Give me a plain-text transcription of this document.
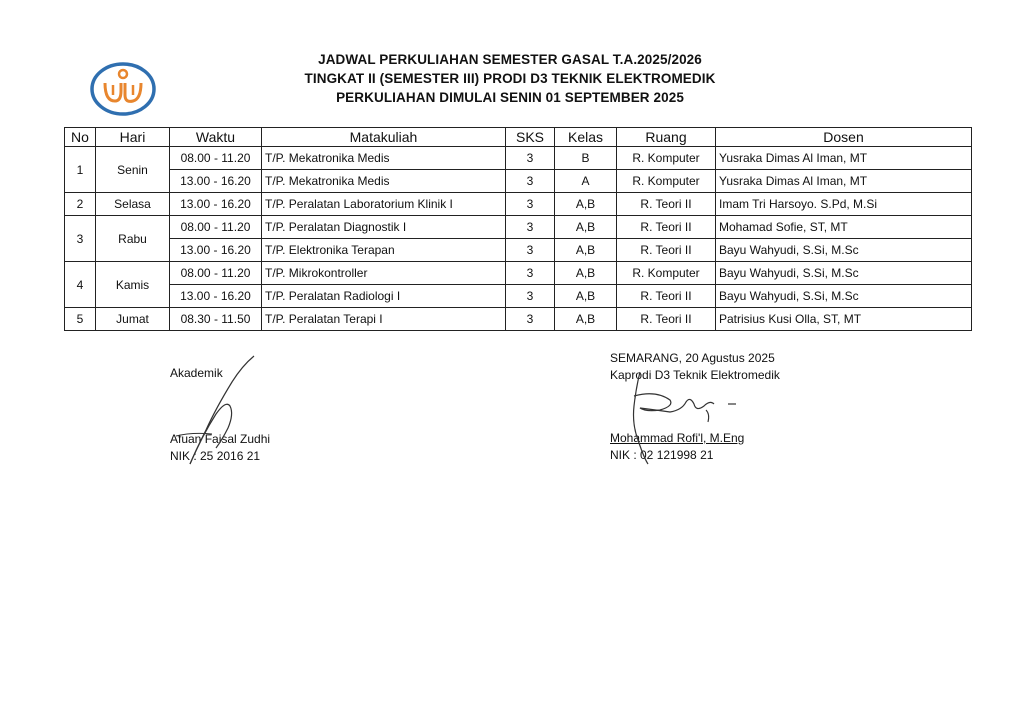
JADWAL PERKULIAHAN SEMESTER GASAL T.A.2025/2026
TINGKAT II (SEMESTER III) PRODI D3 TEKNIK ELEKTROMEDIK
PERKULIAHAN DIMULAI SENIN 01 SEPTEMBER 2025
No	Hari	Waktu	Matakuliah	SKS	Kelas	Ruang	Dosen
1	Senin	08.00 - 11.20	T/P. Mekatronika Medis	3	B	R. Komputer	Yusraka Dimas Al Iman, MT
		13.00 - 16.20	T/P. Mekatronika Medis	3	A	R. Komputer	Yusraka Dimas Al Iman, MT
2	Selasa	13.00 - 16.20	T/P. Peralatan Laboratorium Klinik I	3	A,B	R. Teori II	Imam Tri Harsoyo. S.Pd, M.Si
3	Rabu	08.00 - 11.20	T/P. Peralatan Diagnostik I	3	A,B	R. Teori II	Mohamad Sofie, ST, MT
		13.00 - 16.20	T/P. Elektronika Terapan	3	A,B	R. Teori II	Bayu Wahyudi, S.Si, M.Sc
4	Kamis	08.00 - 11.20	T/P. Mikrokontroller	3	A,B	R. Komputer	Bayu Wahyudi, S.Si, M.Sc
		13.00 - 16.20	T/P. Peralatan Radiologi I	3	A,B	R. Teori II	Bayu Wahyudi, S.Si, M.Sc
5	Jumat	08.30 - 11.50	T/P. Peralatan Terapi I	3	A,B	R. Teori II	Patrisius Kusi Olla, ST, MT
Akademik
Afuan Faisal Zudhi
NIK : 25 2016 21
SEMARANG, 20 Agustus 2025
Kaprodi D3 Teknik Elektromedik
Mohammad Rofi'l, M.Eng
NIK : 02 121998 21
